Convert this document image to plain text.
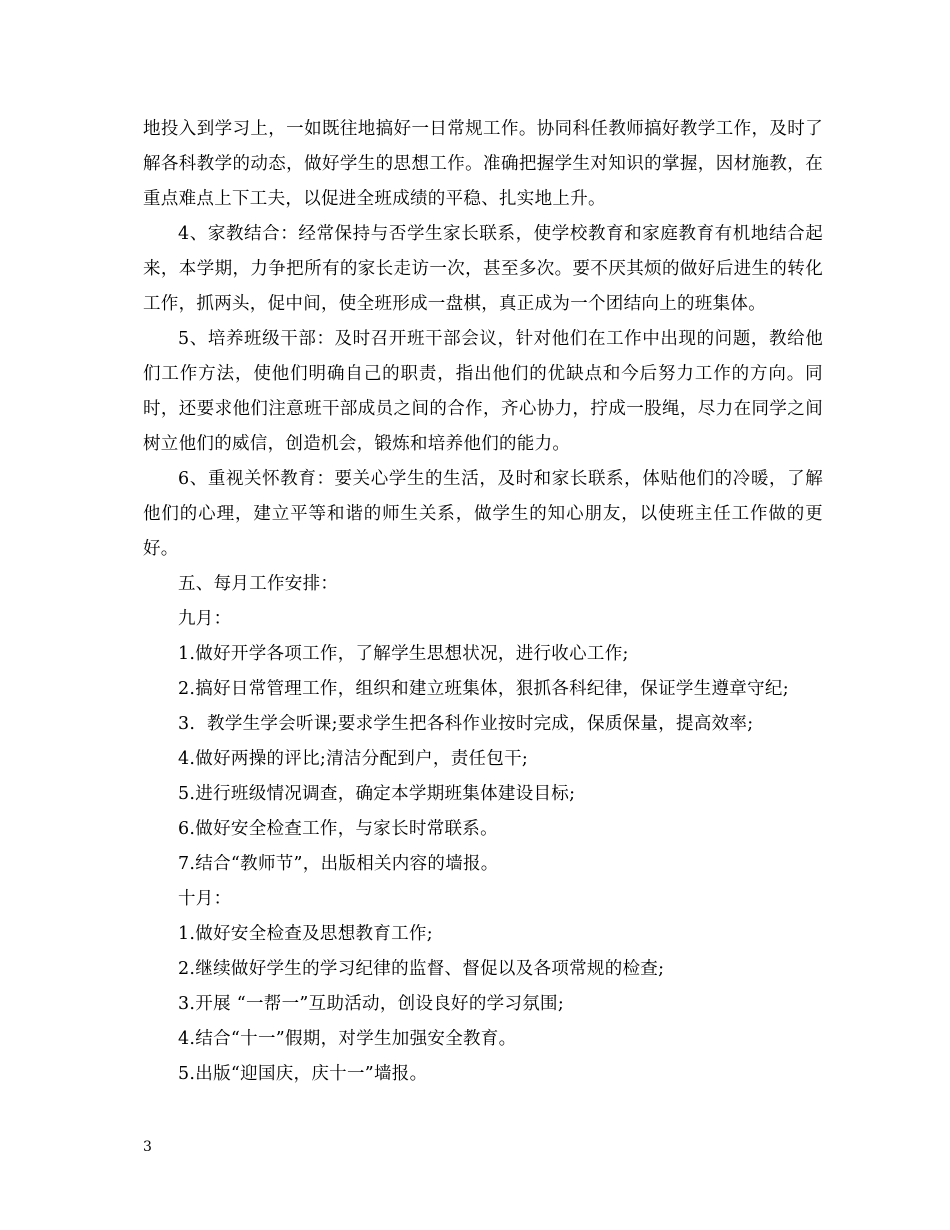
地投入到学习上，一如既往地搞好一日常规工作。协同科任教师搞好教学工作，及时了解各科教学的动态，做好学生的思想工作。准确把握学生对知识的掌握，因材施教，在重点难点上下工夫，以促进全班成绩的平稳、扎实地上升。

4、家教结合：经常保持与否学生家长联系，使学校教育和家庭教育有机地结合起来，本学期，力争把所有的家长走访一次，甚至多次。要不厌其烦的做好后进生的转化工作，抓两头，促中间，使全班形成一盘棋，真正成为一个团结向上的班集体。

5、培养班级干部：及时召开班干部会议，针对他们在工作中出现的问题，教给他们工作方法，使他们明确自己的职责，指出他们的优缺点和今后努力工作的方向。同时，还要求他们注意班干部成员之间的合作，齐心协力，拧成一股绳，尽力在同学之间树立他们的威信，创造机会，锻炼和培养他们的能力。

6、重视关怀教育：要关心学生的生活，及时和家长联系，体贴他们的冷暖，了解他们的心理，建立平等和谐的师生关系，做学生的知心朋友，以使班主任工作做的更好。

五、每月工作安排：

九月：

1.做好开学各项工作，了解学生思想状况，进行收心工作;

2.搞好日常管理工作，组织和建立班集体，狠抓各科纪律，保证学生遵章守纪;

3.  教学生学会听课;要求学生把各科作业按时完成，保质保量，提高效率;

4.做好两操的评比;清洁分配到户，责任包干;

5.进行班级情况调查，确定本学期班集体建设目标;

6.做好安全检查工作，与家长时常联系。

7.结合“教师节”，出版相关内容的墙报。

十月：

1.做好安全检查及思想教育工作;

2.继续做好学生的学习纪律的监督、督促以及各项常规的检查;

3.开展 “一帮一”互助活动，创设良好的学习氛围;

4.结合“十一”假期，对学生加强安全教育。

5.出版“迎国庆，庆十一”墙报。

3
